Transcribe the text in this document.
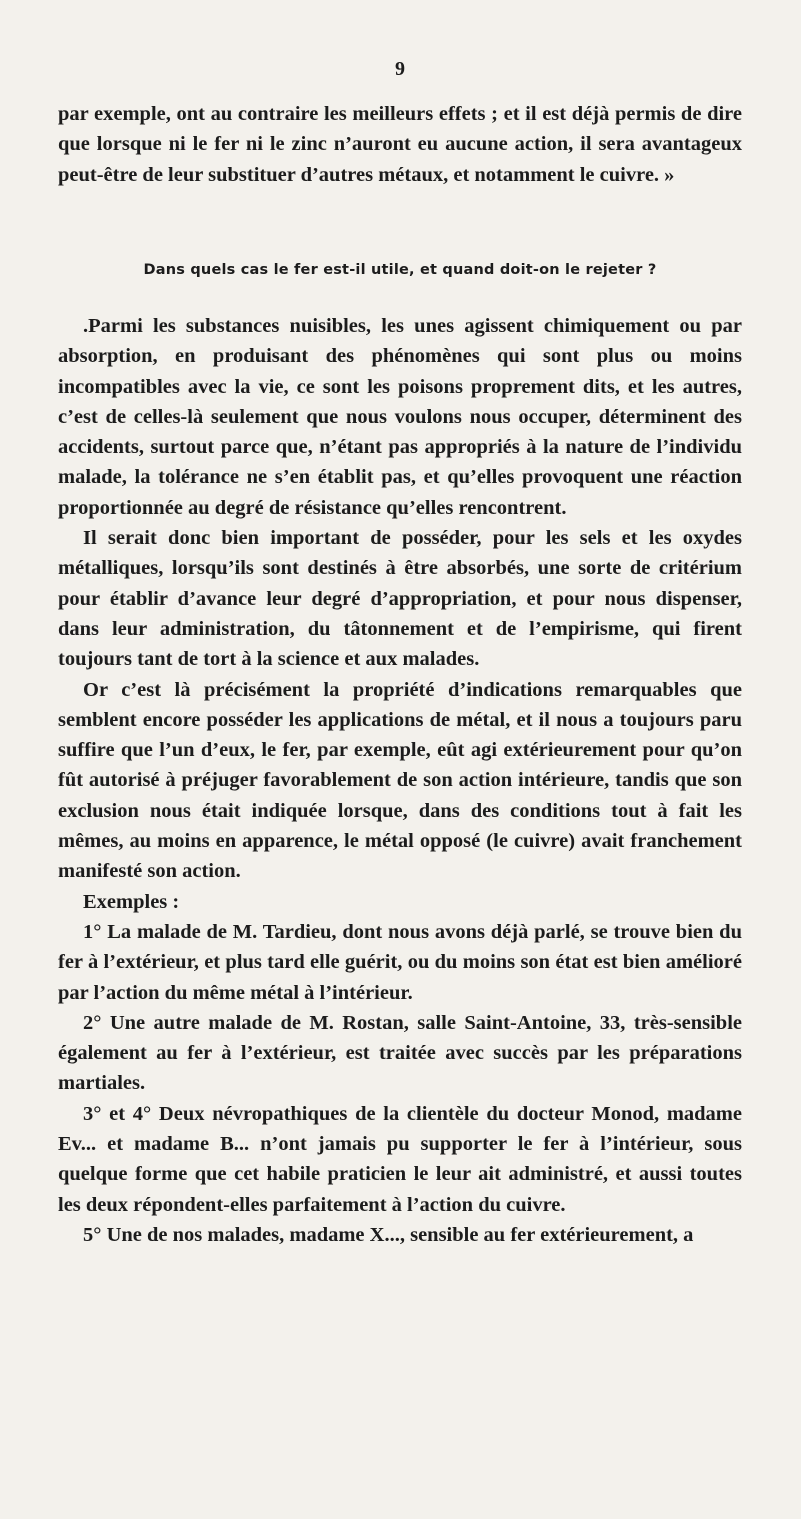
9

par exemple, ont au contraire les meilleurs effets ; et il est déjà permis de dire que lorsque ni le fer ni le zinc n’auront eu aucune action, il sera avantageux peut-être de leur substituer d’autres métaux, et notamment le cuivre. »

Dans quels cas le fer est-il utile, et quand doit-on le rejeter ?

.Parmi les substances nuisibles, les unes agissent chimiquement ou par absorption, en produisant des phénomènes qui sont plus ou moins incompatibles avec la vie, ce sont les poisons proprement dits, et les autres, c’est de celles-là seulement que nous voulons nous occuper, déterminent des accidents, surtout parce que, n’étant pas appropriés à la nature de l’individu malade, la tolérance ne s’en établit pas, et qu’elles provoquent une réaction proportionnée au degré de résistance qu’elles rencontrent.

Il serait donc bien important de posséder, pour les sels et les oxydes métalliques, lorsqu’ils sont destinés à être absorbés, une sorte de critérium pour établir d’avance leur degré d’appropriation, et pour nous dispenser, dans leur administration, du tâtonnement et de l’empirisme, qui firent toujours tant de tort à la science et aux malades.

Or c’est là précisément la propriété d’indications remarquables que semblent encore posséder les applications de métal, et il nous a toujours paru suffire que l’un d’eux, le fer, par exemple, eût agi extérieurement pour qu’on fût autorisé à préjuger favorablement de son action intérieure, tandis que son exclusion nous était indiquée lorsque, dans des conditions tout à fait les mêmes, au moins en apparence, le métal opposé (le cuivre) avait franchement manifesté son action.

Exemples :

1° La malade de M. Tardieu, dont nous avons déjà parlé, se trouve bien du fer à l’extérieur, et plus tard elle guérit, ou du moins son état est bien amélioré par l’action du même métal à l’intérieur.

2° Une autre malade de M. Rostan, salle Saint-Antoine, 33, très-sensible également au fer à l’extérieur, est traitée avec succès par les préparations martiales.

3° et 4° Deux névropathiques de la clientèle du docteur Monod, madame Ev... et madame B... n’ont jamais pu supporter le fer à l’intérieur, sous quelque forme que cet habile praticien le leur ait administré, et aussi toutes les deux répondent-elles parfaitement à l’action du cuivre.

5° Une de nos malades, madame X..., sensible au fer extérieurement, a
